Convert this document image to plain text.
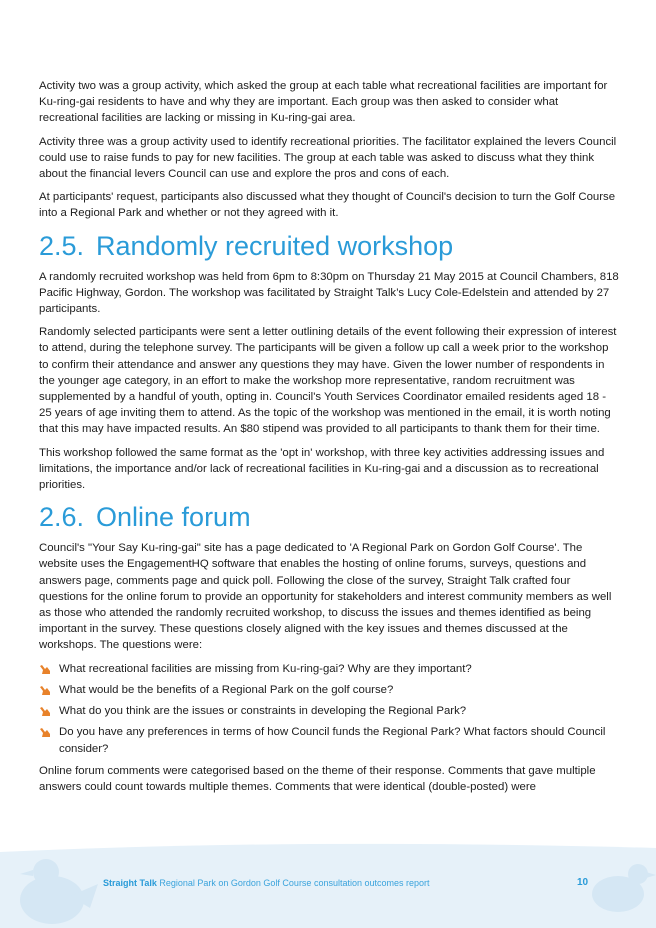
Activity two was a group activity, which asked the group at each table what recreational facilities are important for Ku-ring-gai residents to have and why they are important. Each group was then asked to consider what recreational facilities are lacking or missing in Ku-ring-gai area.

Activity three was a group activity used to identify recreational priorities. The facilitator explained the levers Council could use to raise funds to pay for new facilities. The group at each table was asked to discuss what they think about the financial levers Council can use and explore the pros and cons of each.

At participants' request, participants also discussed what they thought of Council's decision to turn the Golf Course into a Regional Park and whether or not they agreed with it.

2.5. Randomly recruited workshop

A randomly recruited workshop was held from 6pm to 8:30pm on Thursday 21 May 2015 at Council Chambers, 818 Pacific Highway, Gordon. The workshop was facilitated by Straight Talk’s Lucy Cole-Edelstein and attended by 27 participants.

Randomly selected participants were sent a letter outlining details of the event following their expression of interest to attend, during the telephone survey. The participants will be given a follow up call a week prior to the workshop to confirm their attendance and answer any questions they may have. Given the lower number of respondents in the younger age category, in an effort to make the workshop more representative, random recruitment was supplemented by a handful of youth, opting in. Council's Youth Services Coordinator emailed residents aged 18 - 25 years of age inviting them to attend. As the topic of the workshop was mentioned in the email, it is worth noting that this may have impacted results. An $80 stipend was provided to all participants to thank them for their time.

This workshop followed the same format as the 'opt in' workshop, with three key activities addressing issues and limitations, the importance and/or lack of recreational facilities in Ku-ring-gai and a discussion as to recreational priorities.

2.6. Online forum

Council's "Your Say Ku-ring-gai" site has a page dedicated to 'A Regional Park on Gordon Golf Course'. The website uses the EngagementHQ software that enables the hosting of online forums, surveys, questions and answers page, comments page and quick poll. Following the close of the survey, Straight Talk crafted four questions for the online forum to provide an opportunity for stakeholders and interest community members as well as those who attended the randomly recruited workshop, to discuss the issues and themes identified as being important in the survey. These questions closely aligned with the key issues and themes discussed at the workshops. The questions were:

What recreational facilities are missing from Ku-ring-gai? Why are they important?
What would be the benefits of a Regional Park on the golf course?
What do you think are the issues or constraints in developing the Regional Park?
Do you have any preferences in terms of how Council funds the Regional Park? What factors should Council consider?

Online forum comments were categorised based on the theme of their response. Comments that gave multiple answers could count towards multiple themes. Comments that were identical (double-posted) were

Straight Talk Regional Park on Gordon Golf Course consultation outcomes report	10
